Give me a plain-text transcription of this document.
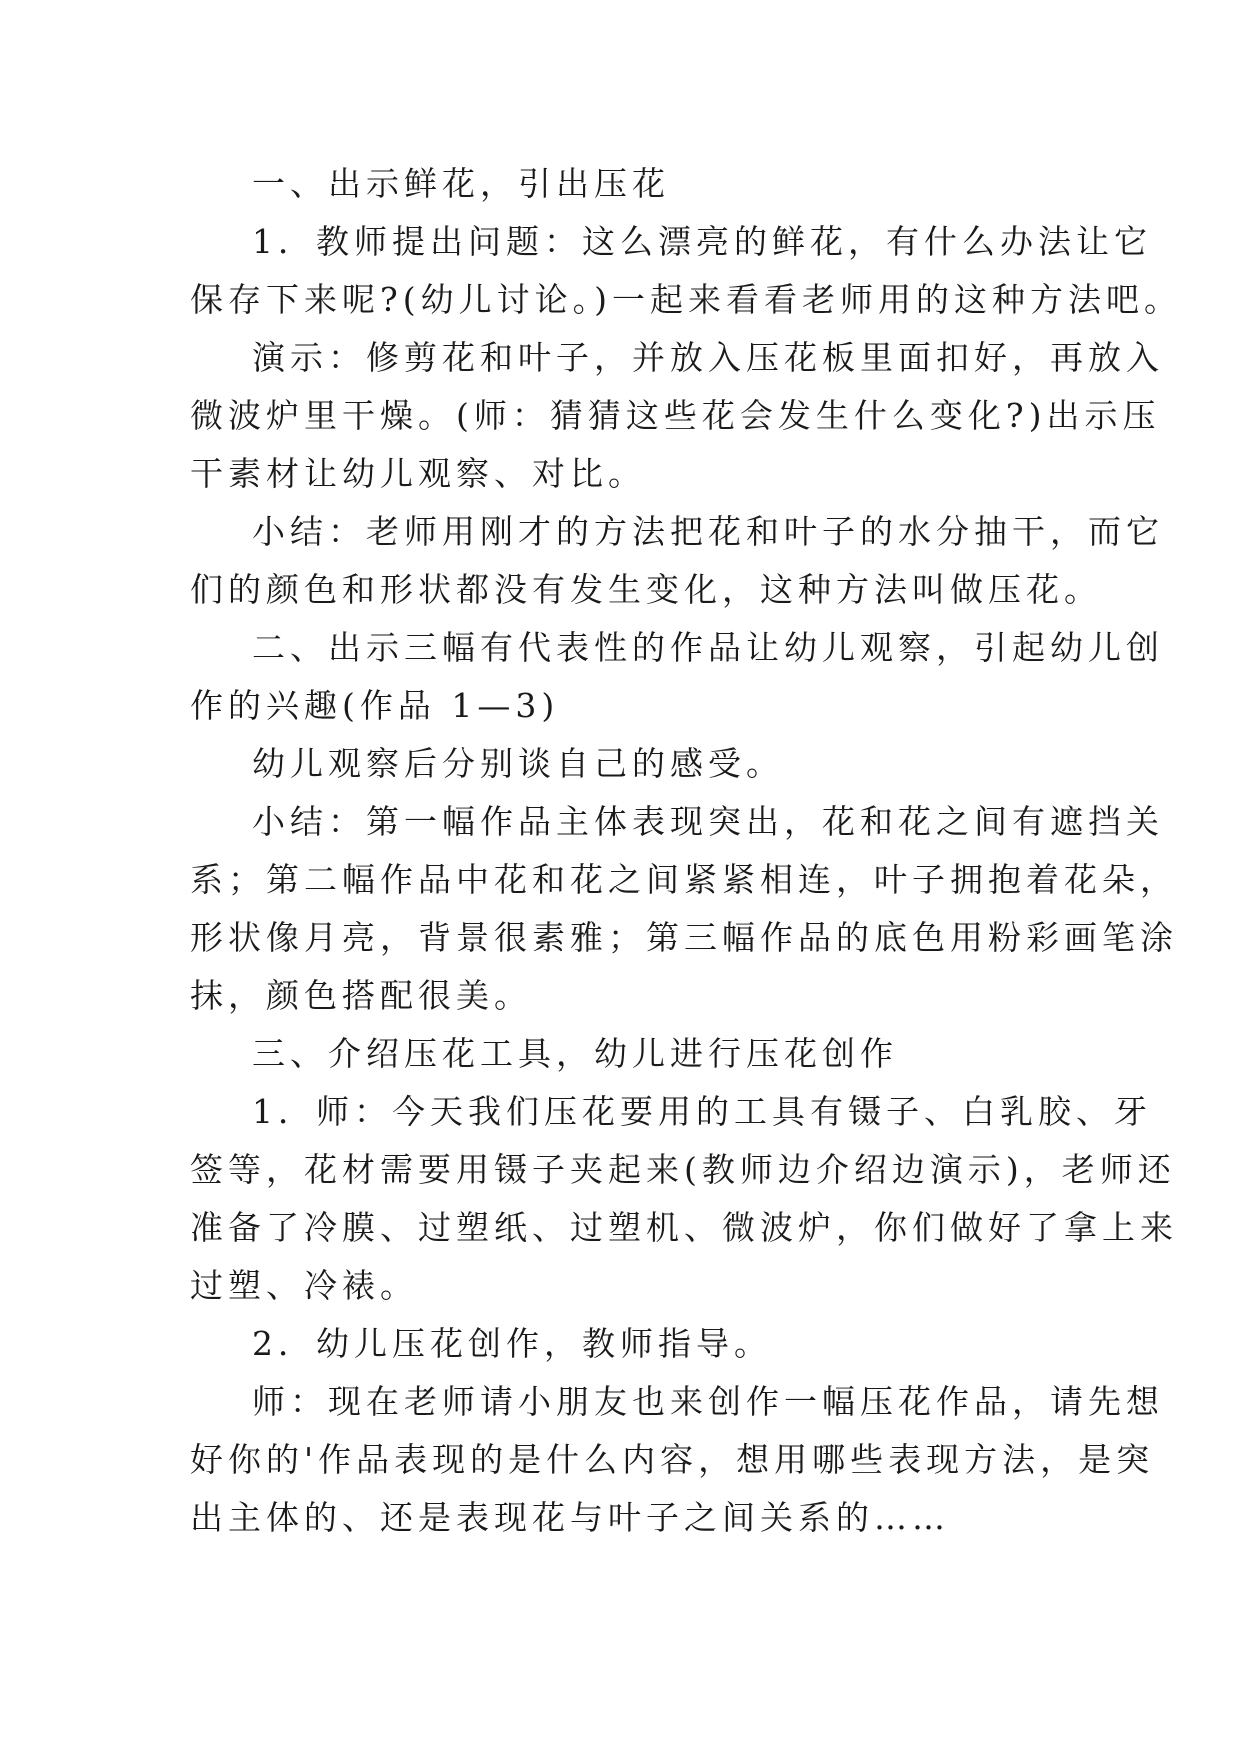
一、出示鲜花，引出压花
1．教师提出问题：这么漂亮的鲜花，有什么办法让它
保存下来呢?(幼儿讨论。)一起来看看老师用的这种方法吧。
演示：修剪花和叶子，并放入压花板里面扣好，再放入
微波炉里干燥。(师：猜猜这些花会发生什么变化?)出示压
干素材让幼儿观察、对比。
小结：老师用刚才的方法把花和叶子的水分抽干，而它
们的颜色和形状都没有发生变化，这种方法叫做压花。
二、出示三幅有代表性的作品让幼儿观察，引起幼儿创
作的兴趣(作品 1—3)
幼儿观察后分别谈自己的感受。
小结：第一幅作品主体表现突出，花和花之间有遮挡关
系；第二幅作品中花和花之间紧紧相连，叶子拥抱着花朵，
形状像月亮，背景很素雅；第三幅作品的底色用粉彩画笔涂
抹，颜色搭配很美。
三、介绍压花工具，幼儿进行压花创作
1．师：今天我们压花要用的工具有镊子、白乳胶、牙
签等，花材需要用镊子夹起来(教师边介绍边演示)，老师还
准备了冷膜、过塑纸、过塑机、微波炉，你们做好了拿上来
过塑、冷裱。
2．幼儿压花创作，教师指导。
师：现在老师请小朋友也来创作一幅压花作品，请先想
好你的'作品表现的是什么内容，想用哪些表现方法，是突
出主体的、还是表现花与叶子之间关系的……
